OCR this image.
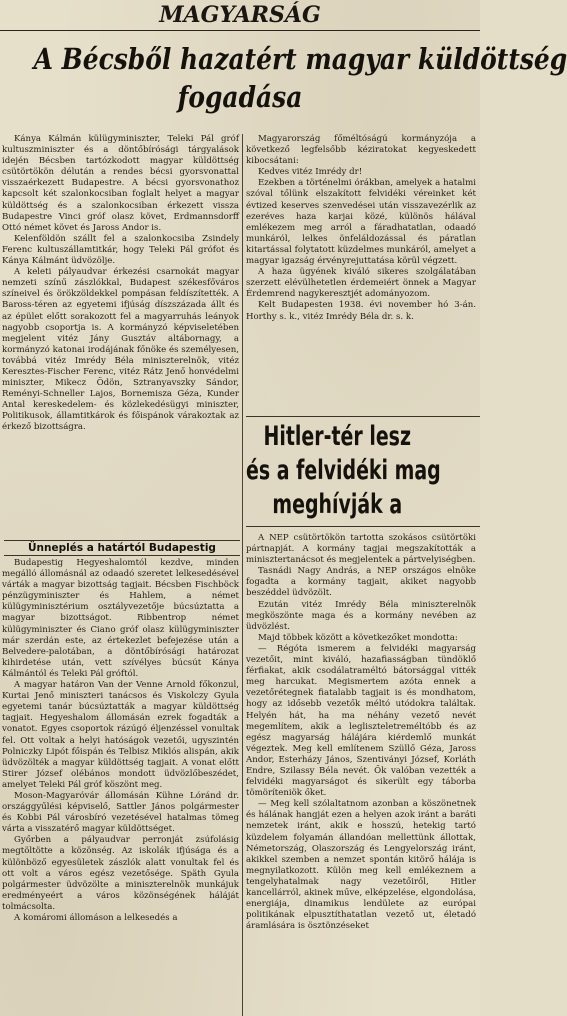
MAGYARSÁG
A Bécsből hazatért magyar küldöttség
fogadása

Kánya Kálmán külügyminiszter, Teleki Pál gróf kultuszminiszter és a döntőbírósági tárgyalások idején Bécsben tartózkodott magyar küldöttség csütörtökön délután a rendes bécsi gyorsvonattal visszaérkezett Budapestre. A bécsi gyorsvonathoz kapcsolt két szalonkocsiban foglalt helyet a magyar küldöttség és a szalonkocsiban érkezett vissza Budapestre Vinci gróf olasz követ, Erdmannsdorff Ottó német követ és Jaross Andor is.

Kelenföldön szállt fel a szalonkocsiba Zsindely Ferenc kultuszállamtitkár, hogy Teleki Pál grófot és Kánya Kálmánt üdvözölje.

A keleti pályaudvar érkezési csarnokát magyar nemzeti színű zászlókkal, Budapest székesfőváros színeivel és örökzöldekkel pompásan feldíszítették. A Baross-téren az egyetemi ifjúság díszszázada állt és az épület előtt sorakozott fel a magyarruhás leányok nagyobb csoportja is. A kormányzó képviseletében megjelent vitéz Jány Gusztáv altábornagy, a kormányzó katonai irodájának főnöke és személyesen, továbbá vitéz Imrédy Béla miniszterelnök, vitéz Keresztes-Fischer Ferenc, vitéz Rátz Jenő honvédelmi miniszter, Mikecz Ödön, Sztranyavszky Sándor, Reményi-Schneller Lajos, Bornemisza Géza, Kunder Antal kereskedelem- és közlekedésügyi miniszter, Politikusok, államtitkárok és főispánok várakoztak az érkező bizottságra.

Ünneplés a határtól Budapestig

Budapestig Hegyeshalomtól kezdve, minden megálló állomásnál az odaadó szeretet lelkesedésével várták a magyar bizottság tagjait. Bécsben Fischböck pénzügyminiszter és Hahlem, a német külügyminisztérium osztályvezetője búcsúztatta a magyar bizottságot. Ribbentrop német külügyminiszter és Ciano gróf olasz külügyminiszter már szerdán este, az értekezlet befejezése után a Belvedere-palotában, a döntőbírósági határozat kihirdetése után, vett szívélyes búcsút Kánya Kálmántól és Teleki Pál gróftól.

A magyar határon Van der Venne Arnold főkonzul, Kurtai Jenő miniszteri tanácsos és Viskolczy Gyula egyetemi tanár búcsúztatták a magyar küldöttség tagjait. Hegyeshalom állomásán ezrek fogadták a vonatot. Egyes csoportok rázúgó éljenzéssel vonultak fel. Ott voltak a helyi hatóságok vezetői, ugyszintén Polniczky Lipót főispán és Telbisz Miklós alispán, akik üdvözölték a magyar küldöttség tagjait. A vonat előtt Stirer József olébános mondott üdvözlőbeszédet, amelyet Teleki Pál gróf köszönt meg.

Moson-Magyaróvár állomásán Kühne Lóránd dr. országgyűlési képviselő, Sattler János polgármester és Kobbi Pál városbíró vezetésével hatalmas tömeg várta a visszatérő magyar küldöttséget.

Győrben a pályaudvar perronját zsúfolásig megtöltötte a közönség. Az iskolák ifjúsága és a különböző egyesületek zászlók alatt vonultak fel és ott volt a város egész vezetősége. Späth Gyula polgármester üdvözölte a miniszterelnök munkájuk eredményeért a város közönségének háláját tolmácsolta.

A komáromi állomáson a lelkesedés a

Magyarország főméltóságú kormányzója a következő legfelsőbb kéziratokat kegyeskedett kibocsátani:

Kedves vitéz Imrédy dr!

Ezekben a történelmi órákban, amelyek a hatalmi szóval tőlünk elszakított felvidéki véreinket két évtized keserves szenvedései után visszavezérlik az ezeréves haza karjai közé, különös hálával emlékezem meg arról a fáradhatatlan, odaadó munkáról, lelkes önfeláldozással és páratlan kitartással folytatott küzdelmes munkáról, amelyet a magyar igazság érvényrejuttatása körül végzett.

A haza ügyének kiváló sikeres szolgálatában szerzett elévülhetetlen érdemeiért önnek a Magyar Érdemrend nagykeresztjét adományozom.

Kelt Budapesten 1938. évi november hó 3-án. Horthy s. k., vitéz Imrédy Béla dr. s. k.

Hitler-tér lesz
és a felvidéki mag
meghívják a

A NEP csütörtökön tartotta szokásos csütörtöki pártnapját. A kormány tagjai megszakították a minisztertanácsot és megjelentek a pártvelyiségben.

Tasnádi Nagy András, a NEP országos elnöke fogadta a kormány tagjait, akiket nagyobb beszéddel üdvözölt.

Ezután vitéz Imrédy Béla miniszterelnök megköszönte maga és a kormány nevében az üdvözlést.

Majd többek között a következőket mondotta:

— Régóta ismerem a felvidéki magyarság vezetőit, mint kiváló, hazafiasságban tündöklő férfiakat, akik csodálatraméltó bátorsággal vitték meg harcukat. Megismertem azóta ennek a vezetőrétegnek fiatalabb tagjait is és mondhatom, hogy az idősebb vezetők méltó utódokra találtak. Helyén hát, ha ma néhány vezető nevét megemlítem, akik a legliszteletreméltóbb és az egész magyarság hálájára kiérdemlő munkát végeztek. Meg kell említenem Szüllő Géza, Jaross Andor, Esterházy János, Szentiványi József, Korláth Endre, Szilassy Béla nevét. Ők valóban vezették a felvidéki magyarságot és sikerült egy táborba tömöríteniök őket.

— Meg kell szólaltatnom azonban a köszönetnek és hálának hangját ezen a helyen azok iránt a baráti nemzetek iránt, akik e hosszú, hetekig tartó küzdelem folyamán állandóan mellettünk állottak, Németország, Olaszország és Lengyelország iránt, akikkel szemben a nemzet spontán kitörő hálája is megnyilatkozott. Külön meg kell emlékeznem a tengelyhatalmak nagy vezetőiről, Hitler kancellárról, akinek műve, elképzelése, elgondolása, energiája, dinamikus lendülete az európai politikának elpusztíthatatlan vezető ut, életadó áramlására is ösztönzéseket
